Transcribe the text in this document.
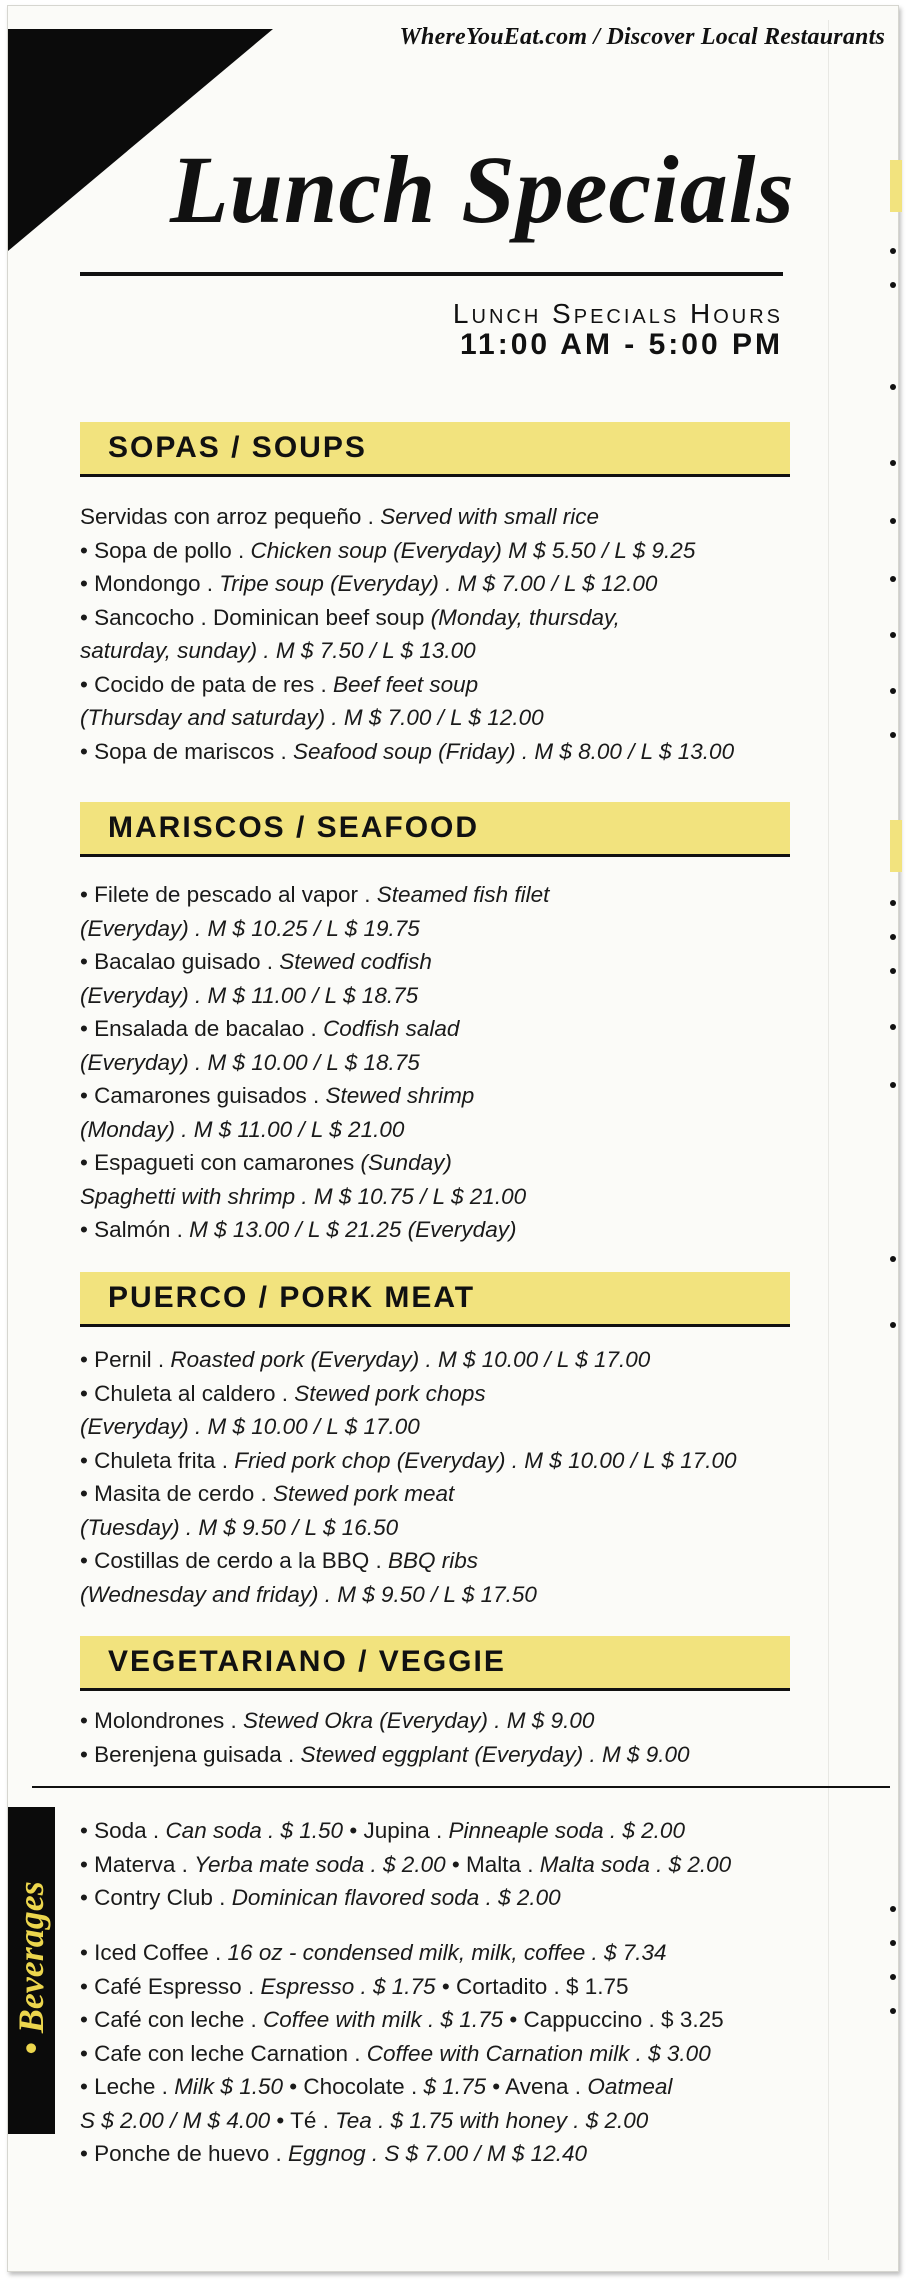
WhereYouEat.com / Discover Local Restaurants
Lunch Specials
Lunch Specials Hours
11:00 AM - 5:00 PM
SOPAS / SOUPS
Servidas con arroz pequeño . Served with small rice
• Sopa de pollo . Chicken soup (Everyday) M $ 5.50 / L $ 9.25
• Mondongo . Tripe soup (Everyday) . M $ 7.00 / L $ 12.00
• Sancocho . Dominican beef soup (Monday, thursday,
saturday, sunday) . M $ 7.50 / L $ 13.00
• Cocido de pata de res . Beef feet soup
(Thursday and saturday) . M $ 7.00 / L $ 12.00
• Sopa de mariscos . Seafood soup (Friday) . M $ 8.00 / L $ 13.00
MARISCOS / SEAFOOD
• Filete de pescado al vapor . Steamed fish filet
(Everyday) . M $ 10.25 / L $ 19.75
• Bacalao guisado . Stewed codfish
(Everyday) . M $ 11.00 / L $ 18.75
• Ensalada de bacalao . Codfish salad
(Everyday) . M $ 10.00 / L $ 18.75
• Camarones guisados . Stewed shrimp
(Monday) . M $ 11.00 / L $ 21.00
• Espagueti con camarones (Sunday)
Spaghetti with shrimp . M $ 10.75 / L $ 21.00
• Salmón . M $ 13.00 / L $ 21.25 (Everyday)
PUERCO / PORK MEAT
• Pernil . Roasted pork (Everyday) . M $ 10.00 / L $ 17.00
• Chuleta al caldero . Stewed pork chops
(Everyday) . M $ 10.00 / L $ 17.00
• Chuleta frita . Fried pork chop (Everyday) . M $ 10.00 / L $ 17.00
• Masita de cerdo . Stewed pork meat
(Tuesday) . M $ 9.50 / L $ 16.50
• Costillas de cerdo a la BBQ . BBQ ribs
(Wednesday and friday) . M $ 9.50 / L $ 17.50
VEGETARIANO / VEGGIE
• Molondrones . Stewed Okra (Everyday) . M $ 9.00
• Berenjena guisada . Stewed eggplant (Everyday) . M $ 9.00
• Beverages
• Soda . Can soda . $ 1.50 • Jupina . Pinneaple soda . $ 2.00
• Materva . Yerba mate soda . $ 2.00 • Malta . Malta soda . $ 2.00
• Contry Club . Dominican flavored soda . $ 2.00
• Iced Coffee . 16 oz - condensed milk, milk, coffee . $ 7.34
• Café Espresso . Espresso . $ 1.75 • Cortadito . $ 1.75
• Café con leche . Coffee with milk . $ 1.75 • Cappuccino . $ 3.25
• Cafe con leche Carnation . Coffee with Carnation milk . $ 3.00
• Leche . Milk $ 1.50 • Chocolate . $ 1.75 • Avena . Oatmeal
S $ 2.00 / M $ 4.00 • Té . Tea . $ 1.75 with honey . $ 2.00
• Ponche de huevo . Eggnog . S $ 7.00 / M $ 12.40
